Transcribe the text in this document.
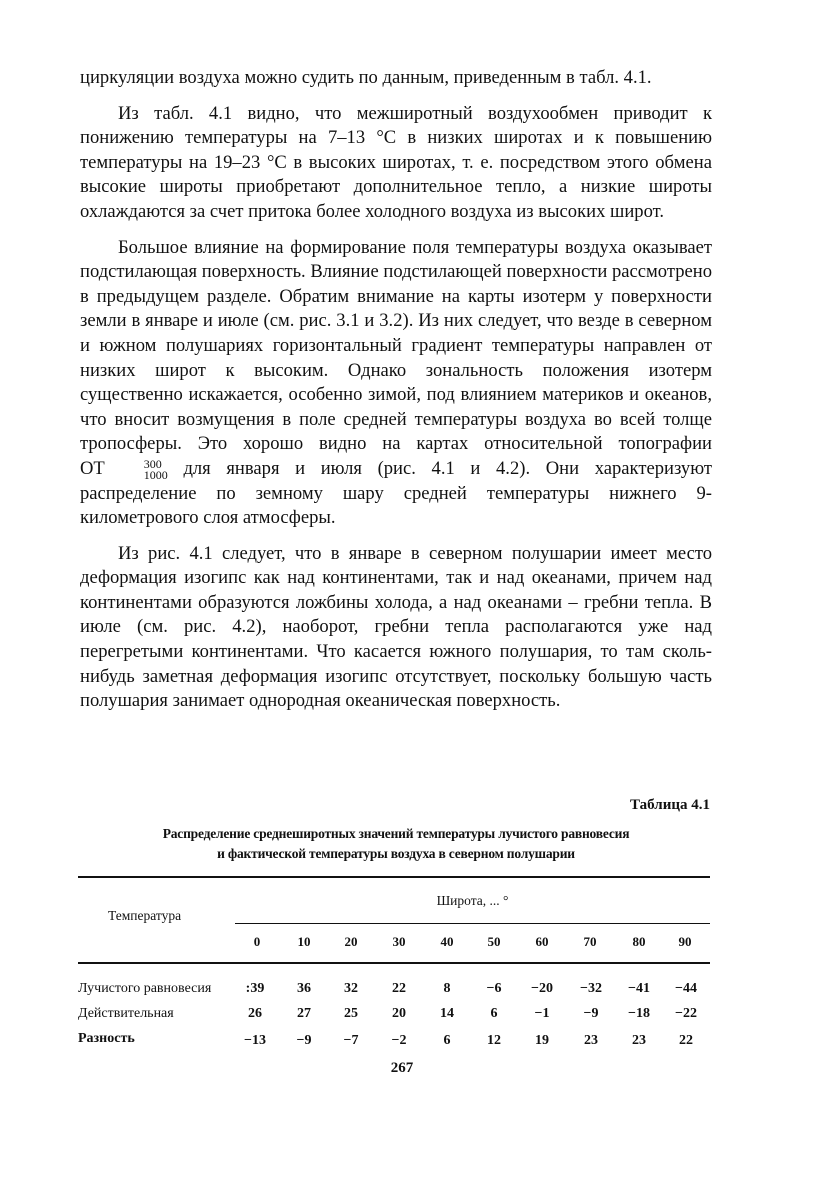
циркуляции воздуха можно судить по данным, приведенным в табл. 4.1.

Из табл. 4.1 видно, что межширотный воздухообмен приводит к понижению температуры на 7–13 °С в низких широтах и к повышению температуры на 19–23 °С в высоких широтах, т. е. посредством этого обмена высокие широты приобретают дополнительное тепло, а низкие широты охлаждаются за счет притока более холодного воздуха из высоких широт.

Большое влияние на формирование поля температуры воздуха оказывает подстилающая поверхность. Влияние подстилающей поверхности рассмотрено в предыдущем разделе. Обратим внимание на карты изотерм у поверхности земли в январе и июле (см. рис. 3.1 и 3.2). Из них следует, что везде в северном и южном полушариях горизонтальный градиент температуры направлен от низких широт к высоким. Однако зональность положения изотерм существенно искажается, особенно зимой, под влиянием материков и океанов, что вносит возмущения в поле средней температуры воздуха во всей толще тропосферы. Это хорошо видно на картах относительной топографии ОТ	300
1000 для января и июля (рис. 4.1 и 4.2). Они характеризуют распределение по земному шару средней температуры нижнего 9-километрового слоя атмосферы.

Из рис. 4.1 следует, что в январе в северном полушарии имеет место деформация изогипс как над континентами, так и над океанами, причем над континентами образуются ложбины холода, а над океанами – гребни тепла. В июле (см. рис. 4.2), наоборот, гребни тепла располагаются уже над перегретыми континентами. Что касается южного полушария, то там сколь-нибудь заметная деформация изогипс отсутствует, поскольку большую часть полушария занимает однородная океаническая поверхность.

Таблица 4.1
Распределение среднеширотных значений температуры лучистого равновесия
и фактической температуры воздуха в северном полушарии
Температура
Широта, ... °
0	10	20	30	40	50	60	70	80	90
Лучистого равновесия	:39	36	32	22	8	−6	−20	−32	−41	−44
Действительная	26	27	25	20	14	6	−1	−9	−18	−22
Разность	−13	−9	−7	−2	6	12	19	23	23	22
267
